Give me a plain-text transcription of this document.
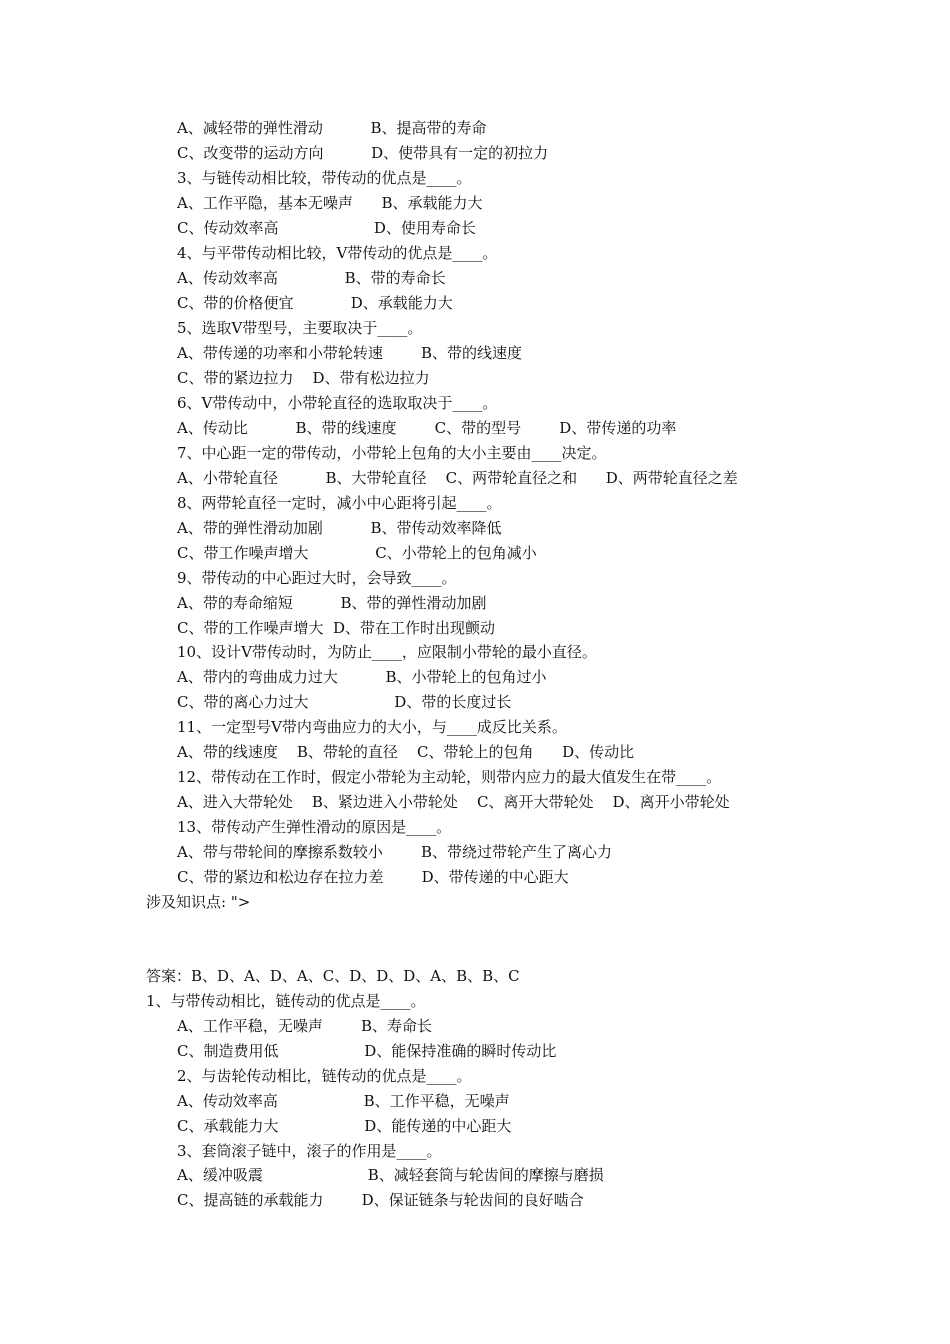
A、减轻带的弹性滑动          B、提高带的寿命
C、改变带的运动方向          D、使带具有一定的初拉力
3、与链传动相比较，带传动的优点是____。
A、工作平隐，基本无噪声      B、承载能力大
C、传动效率高                    D、使用寿命长
4、与平带传动相比较，V带传动的优点是____。
A、传动效率高              B、带的寿命长
C、带的价格便宜            D、承载能力大
5、选取V带型号，主要取决于____。
A、带传递的功率和小带轮转速        B、带的线速度
C、带的紧边拉力    D、带有松边拉力
6、V带传动中，小带轮直径的选取取决于____。
A、传动比          B、带的线速度        C、带的型号        D、带传递的功率
7、中心距一定的带传动，小带轮上包角的大小主要由____决定。
A、小带轮直径          B、大带轮直径    C、两带轮直径之和      D、两带轮直径之差
8、两带轮直径一定时，减小中心距将引起____。
A、带的弹性滑动加剧          B、带传动效率降低
C、带工作噪声增大              C、小带轮上的包角减小
9、带传动的中心距过大时，会导致____。
A、带的寿命缩短          B、带的弹性滑动加剧
C、带的工作噪声增大  D、带在工作时出现颤动
10、设计V带传动时，为防止____，应限制小带轮的最小直径。
A、带内的弯曲成力过大          B、小带轮上的包角过小
C、带的离心力过大                  D、带的长度过长
11、一定型号V带内弯曲应力的大小，与____成反比关系。
A、带的线速度    B、带轮的直径    C、带轮上的包角      D、传动比
12、带传动在工作时，假定小带轮为主动轮，则带内应力的最大值发生在带____。
A、进入大带轮处    B、紧边进入小带轮处    C、离开大带轮处    D、离开小带轮处
13、带传动产生弹性滑动的原因是____。
A、带与带轮间的摩擦系数较小        B、带绕过带轮产生了离心力
C、带的紧边和松边存在拉力差        D、带传递的中心距大
涉及知识点: ">
答案：B、D、A、D、A、C、D、D、D、A、B、B、C
1、与带传动相比，链传动的优点是____。
A、工作平稳，无噪声        B、寿命长
C、制造费用低                  D、能保持准确的瞬时传动比
2、与齿轮传动相比，链传动的优点是____。
A、传动效率高                  B、工作平稳，无噪声
C、承载能力大                  D、能传递的中心距大
3、套筒滚子链中，滚子的作用是____。
A、缓冲吸震                      B、减轻套筒与轮齿间的摩擦与磨损
C、提高链的承载能力        D、保证链条与轮齿间的良好啮合
